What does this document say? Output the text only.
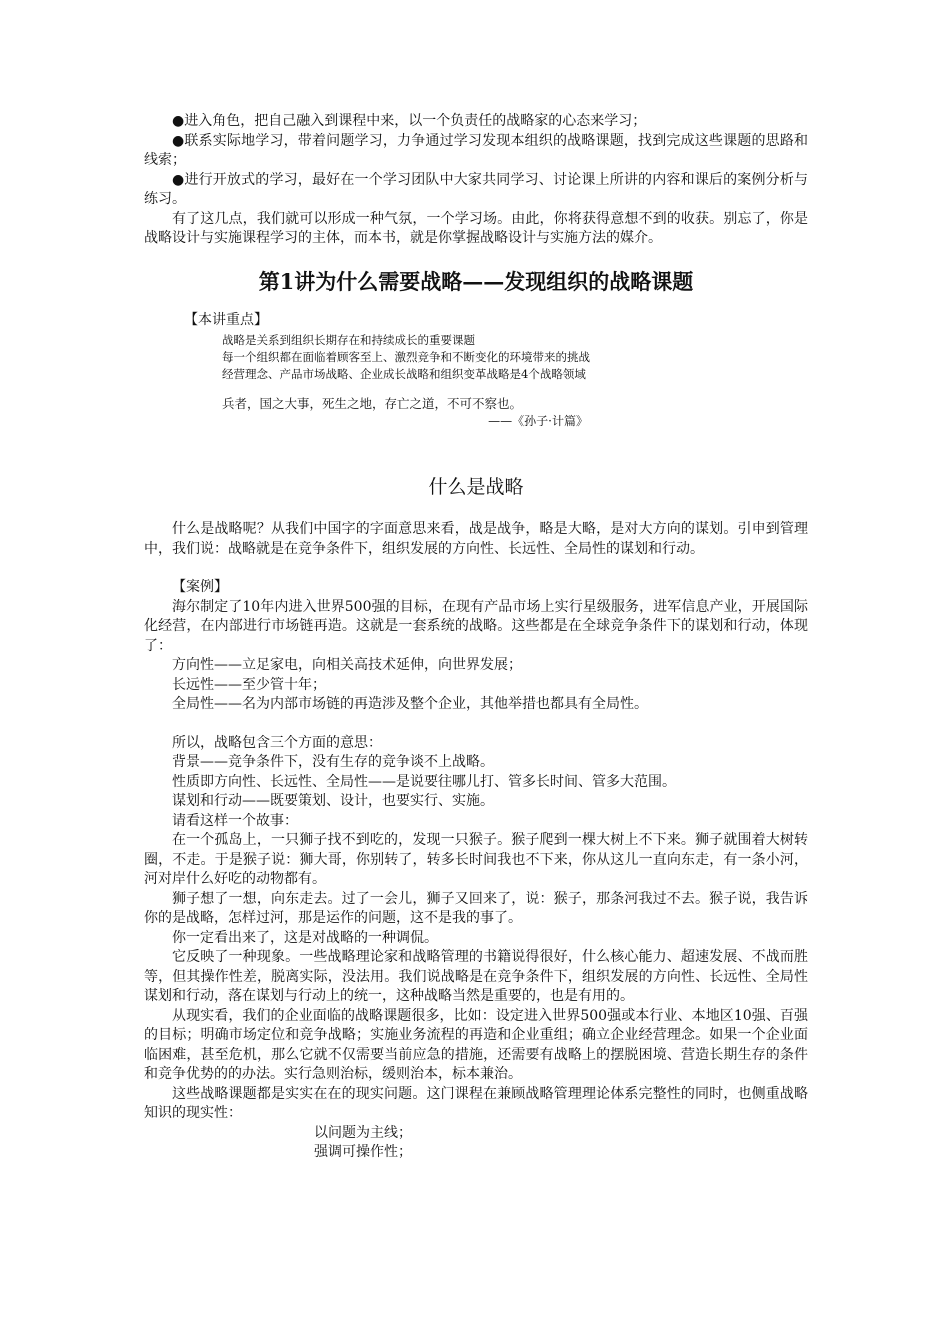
●进入角色，把自己融入到课程中来，以一个负责任的战略家的心态来学习；

●联系实际地学习，带着问题学习，力争通过学习发现本组织的战略课题，找到完成这些课题的思路和线索；

●进行开放式的学习，最好在一个学习团队中大家共同学习、讨论课上所讲的内容和课后的案例分析与练习。

有了这几点，我们就可以形成一种气氛，一个学习场。由此，你将获得意想不到的收获。别忘了，你是战略设计与实施课程学习的主体，而本书，就是你掌握战略设计与实施方法的媒介。

第1讲为什么需要战略——发现组织的战略课题

【本讲重点】

战略是关系到组织长期存在和持续成长的重要课题

每一个组织都在面临着顾客至上、激烈竞争和不断变化的环境带来的挑战

经营理念、产品市场战略、企业成长战略和组织变革战略是4个战略领域

兵者，国之大事，死生之地，存亡之道，不可不察也。

——《孙子·计篇》

什么是战略

什么是战略呢？从我们中国字的字面意思来看，战是战争，略是大略，是对大方向的谋划。引申到管理中，我们说：战略就是在竞争条件下，组织发展的方向性、长远性、全局性的谋划和行动。

【案例】

海尔制定了10年内进入世界500强的目标，在现有产品市场上实行星级服务，进军信息产业，开展国际化经营，在内部进行市场链再造。这就是一套系统的战略。这些都是在全球竞争条件下的谋划和行动，体现了：

方向性——立足家电，向相关高技术延伸，向世界发展；

长远性——至少管十年；

全局性——名为内部市场链的再造涉及整个企业，其他举措也都具有全局性。

所以，战略包含三个方面的意思：

背景——竞争条件下，没有生存的竞争谈不上战略。

性质即方向性、长远性、全局性——是说要往哪儿打、管多长时间、管多大范围。

谋划和行动——既要策划、设计，也要实行、实施。

请看这样一个故事：

在一个孤岛上，一只狮子找不到吃的，发现一只猴子。猴子爬到一棵大树上不下来。狮子就围着大树转圈，不走。于是猴子说：狮大哥，你别转了，转多长时间我也不下来，你从这儿一直向东走，有一条小河，河对岸什么好吃的动物都有。

狮子想了一想，向东走去。过了一会儿，狮子又回来了，说：猴子，那条河我过不去。猴子说，我告诉你的是战略，怎样过河，那是运作的问题，这不是我的事了。

你一定看出来了，这是对战略的一种调侃。

它反映了一种现象。一些战略理论家和战略管理的书籍说得很好，什么核心能力、超速发展、不战而胜等，但其操作性差，脱离实际，没法用。我们说战略是在竞争条件下，组织发展的方向性、长远性、全局性谋划和行动，落在谋划与行动上的统一，这种战略当然是重要的，也是有用的。

从现实看，我们的企业面临的战略课题很多，比如：设定进入世界500强或本行业、本地区10强、百强的目标；明确市场定位和竞争战略；实施业务流程的再造和企业重组；确立企业经营理念。如果一个企业面临困难，甚至危机，那么它就不仅需要当前应急的措施，还需要有战略上的摆脱困境、营造长期生存的条件和竞争优势的的办法。实行急则治标，缓则治本，标本兼治。

这些战略课题都是实实在在的现实问题。这门课程在兼顾战略管理理论体系完整性的同时，也侧重战略知识的现实性：

以问题为主线；

强调可操作性；
